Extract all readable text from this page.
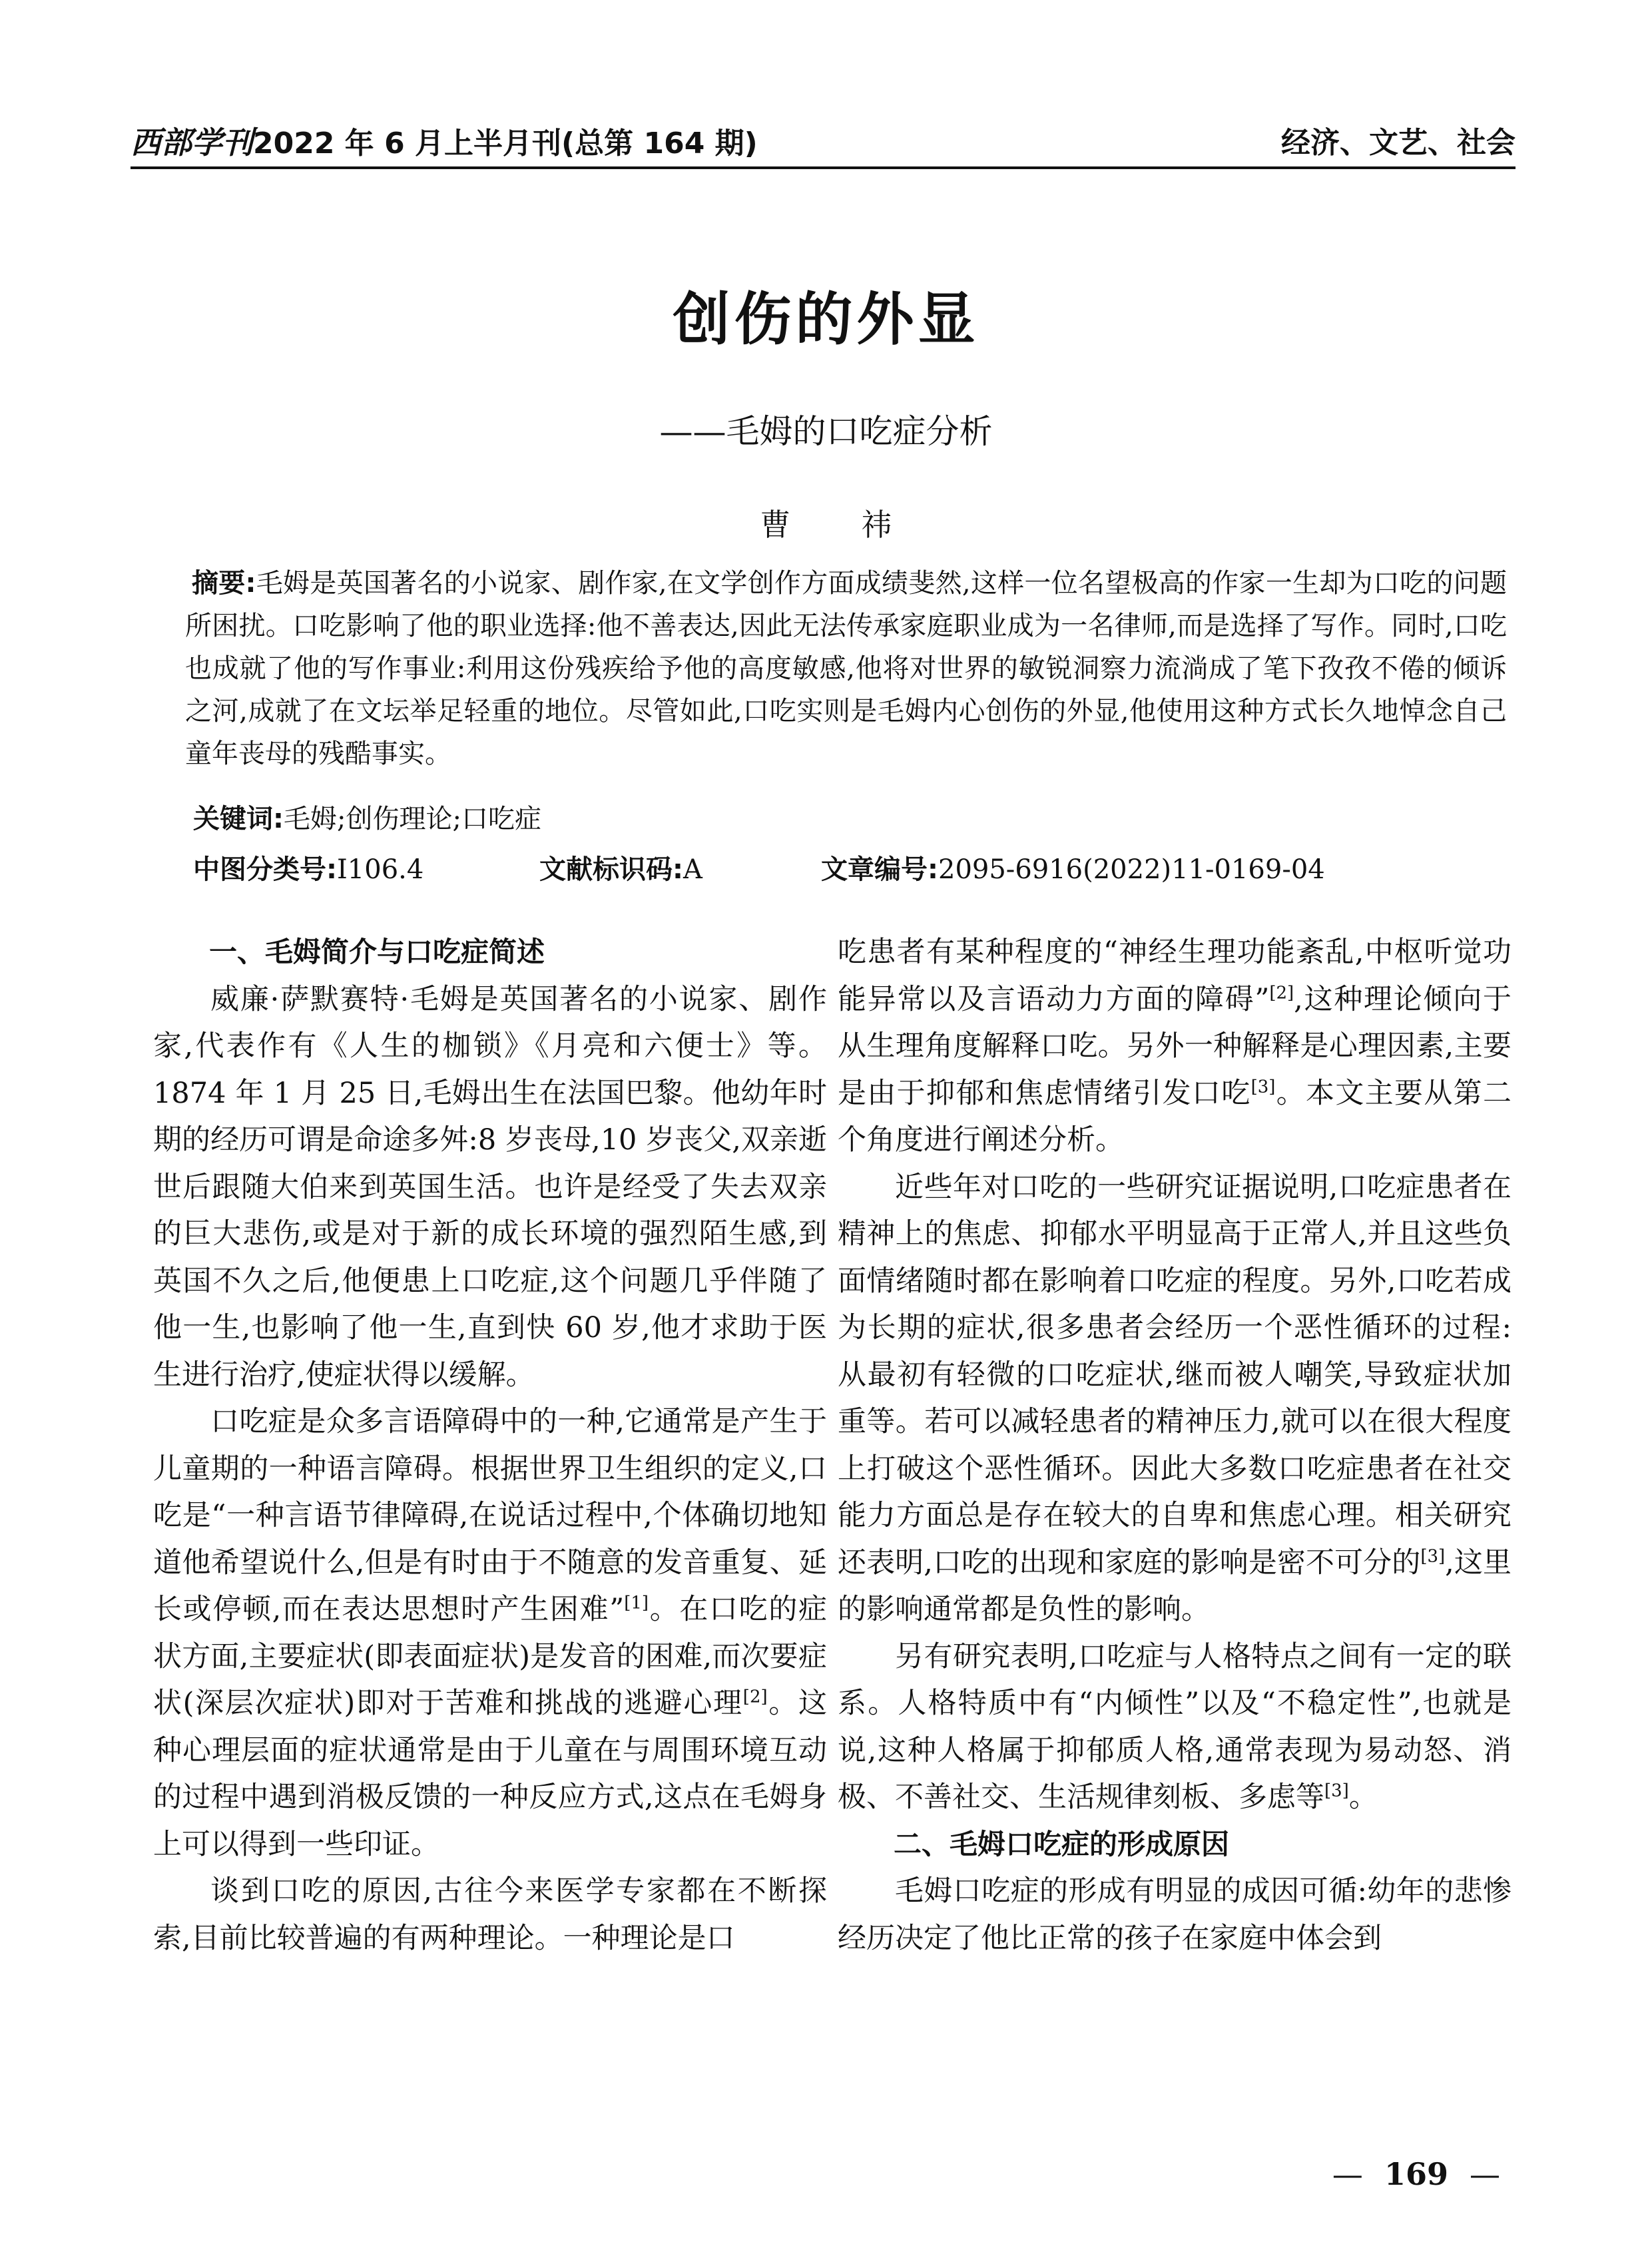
西部学刊2022 年 6 月上半月刊(总第 164 期)	经济、文艺、社会
创伤的外显
——毛姆的口吃症分析
曹 祎
摘要:毛姆是英国著名的小说家、剧作家,在文学创作方面成绩斐然,这样一位名望极高的作家一生却为口吃的问题所困扰。口吃影响了他的职业选择:他不善表达,因此无法传承家庭职业成为一名律师,而是选择了写作。同时,口吃也成就了他的写作事业:利用这份残疾给予他的高度敏感,他将对世界的敏锐洞察力流淌成了笔下孜孜不倦的倾诉之河,成就了在文坛举足轻重的地位。尽管如此,口吃实则是毛姆内心创伤的外显,他使用这种方式长久地悼念自己童年丧母的残酷事实。
关键词:毛姆;创伤理论;口吃症
中图分类号:I106.4	文献标识码:A	文章编号:2095-6916(2022)11-0169-04
一、毛姆简介与口吃症简述

威廉·萨默赛特·毛姆是英国著名的小说家、剧作家,代表作有《人生的枷锁》《月亮和六便士》等。1874 年 1 月 25 日,毛姆出生在法国巴黎。他幼年时期的经历可谓是命途多舛:8 岁丧母,10 岁丧父,双亲逝世后跟随大伯来到英国生活。也许是经受了失去双亲的巨大悲伤,或是对于新的成长环境的强烈陌生感,到英国不久之后,他便患上口吃症,这个问题几乎伴随了他一生,也影响了他一生,直到快 60 岁,他才求助于医生进行治疗,使症状得以缓解。

口吃症是众多言语障碍中的一种,它通常是产生于儿童期的一种语言障碍。根据世界卫生组织的定义,口吃是“一种言语节律障碍,在说话过程中,个体确切地知道他希望说什么,但是有时由于不随意的发音重复、延长或停顿,而在表达思想时产生困难”[1]。在口吃的症状方面,主要症状(即表面症状)是发音的困难,而次要症状(深层次症状)即对于苦难和挑战的逃避心理[2]。这种心理层面的症状通常是由于儿童在与周围环境互动的过程中遇到消极反馈的一种反应方式,这点在毛姆身上可以得到一些印证。

谈到口吃的原因,古往今来医学专家都在不断探索,目前比较普遍的有两种理论。一种理论是口

吃患者有某种程度的“神经生理功能紊乱,中枢听觉功能异常以及言语动力方面的障碍”[2],这种理论倾向于从生理角度解释口吃。另外一种解释是心理因素,主要是由于抑郁和焦虑情绪引发口吃[3]。本文主要从第二个角度进行阐述分析。

近些年对口吃的一些研究证据说明,口吃症患者在精神上的焦虑、抑郁水平明显高于正常人,并且这些负面情绪随时都在影响着口吃症的程度。另外,口吃若成为长期的症状,很多患者会经历一个恶性循环的过程:从最初有轻微的口吃症状,继而被人嘲笑,导致症状加重等。若可以减轻患者的精神压力,就可以在很大程度上打破这个恶性循环。因此大多数口吃症患者在社交能力方面总是存在较大的自卑和焦虑心理。相关研究还表明,口吃的出现和家庭的影响是密不可分的[3],这里的影响通常都是负性的影响。

另有研究表明,口吃症与人格特点之间有一定的联系。人格特质中有“内倾性”以及“不稳定性”,也就是说,这种人格属于抑郁质人格,通常表现为易动怒、消极、不善社交、生活规律刻板、多虑等[3]。

二、毛姆口吃症的形成原因

毛姆口吃症的形成有明显的成因可循:幼年的悲惨经历决定了他比正常的孩子在家庭中体会到

— 169 —
